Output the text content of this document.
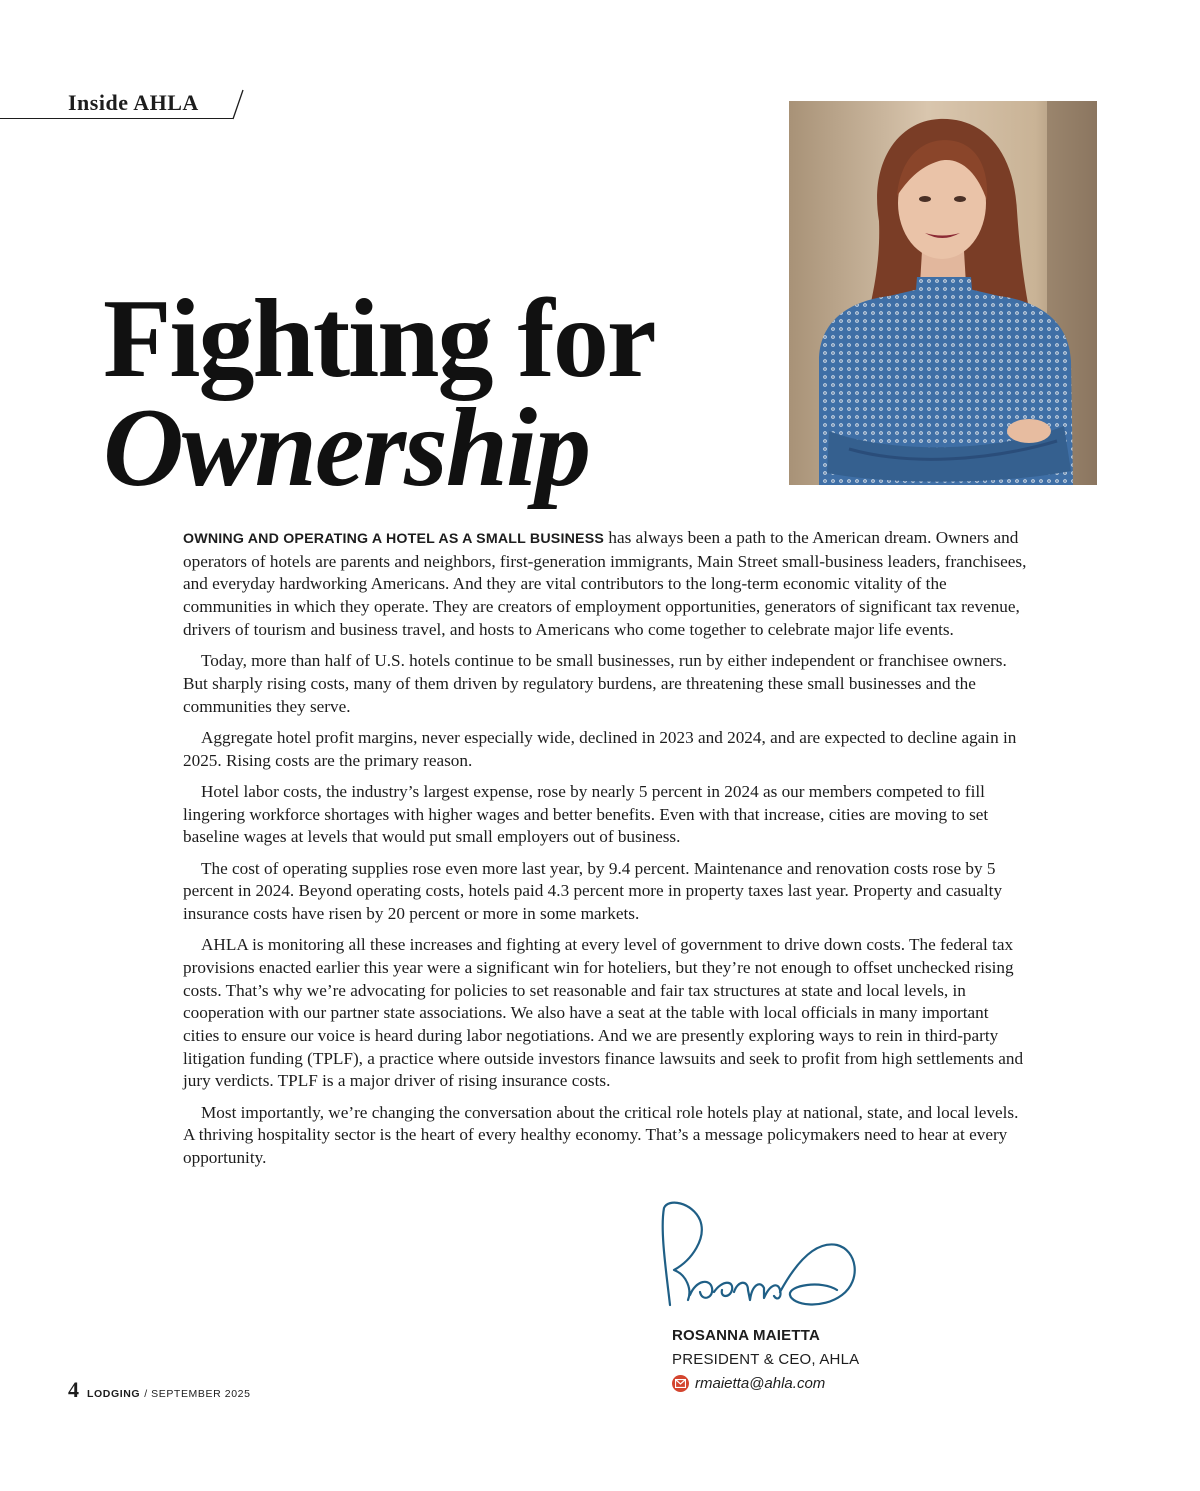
Inside AHLA
Fighting for
Ownership

OWNING AND OPERATING A HOTEL AS A SMALL BUSINESS has always been a path to the American dream. Owners and operators of hotels are parents and neighbors, first-generation immigrants, Main Street small-business leaders, franchisees, and everyday hardworking Americans. And they are vital contributors to the long-term economic vitality of the communities in which they operate. They are creators of employment opportunities, generators of significant tax revenue, drivers of tourism and business travel, and hosts to Americans who come together to celebrate major life events.

Today, more than half of U.S. hotels continue to be small businesses, run by either independent or franchisee owners. But sharply rising costs, many of them driven by regulatory burdens, are threatening these small businesses and the communities they serve.

Aggregate hotel profit margins, never especially wide, declined in 2023 and 2024, and are expected to decline again in 2025. Rising costs are the primary reason.

Hotel labor costs, the industry’s largest expense, rose by nearly 5 percent in 2024 as our members competed to fill lingering workforce shortages with higher wages and better benefits. Even with that increase, cities are moving to set baseline wages at levels that would put small employers out of business.

The cost of operating supplies rose even more last year, by 9.4 percent. Maintenance and renovation costs rose by 5 percent in 2024. Beyond operating costs, hotels paid 4.3 percent more in property taxes last year. Property and casualty insurance costs have risen by 20 percent or more in some markets.

AHLA is monitoring all these increases and fighting at every level of government to drive down costs. The federal tax provisions enacted earlier this year were a significant win for hoteliers, but they’re not enough to offset unchecked rising costs. That’s why we’re advocating for policies to set reasonable and fair tax structures at state and local levels, in cooperation with our partner state associations. We also have a seat at the table with local officials in many important cities to ensure our voice is heard during labor negotiations. And we are presently exploring ways to rein in third-party litigation funding (TPLF), a practice where outside investors finance lawsuits and seek to profit from high settlements and jury verdicts. TPLF is a major driver of rising insurance costs.

Most importantly, we’re changing the conversation about the critical role hotels play at national, state, and local levels. A thriving hospitality sector is the heart of every healthy economy. That’s a message policymakers need to hear at every opportunity.

ROSANNA MAIETTA
PRESIDENT & CEO, AHLA
rmaietta@ahla.com
4 LODGING / SEPTEMBER 2025
